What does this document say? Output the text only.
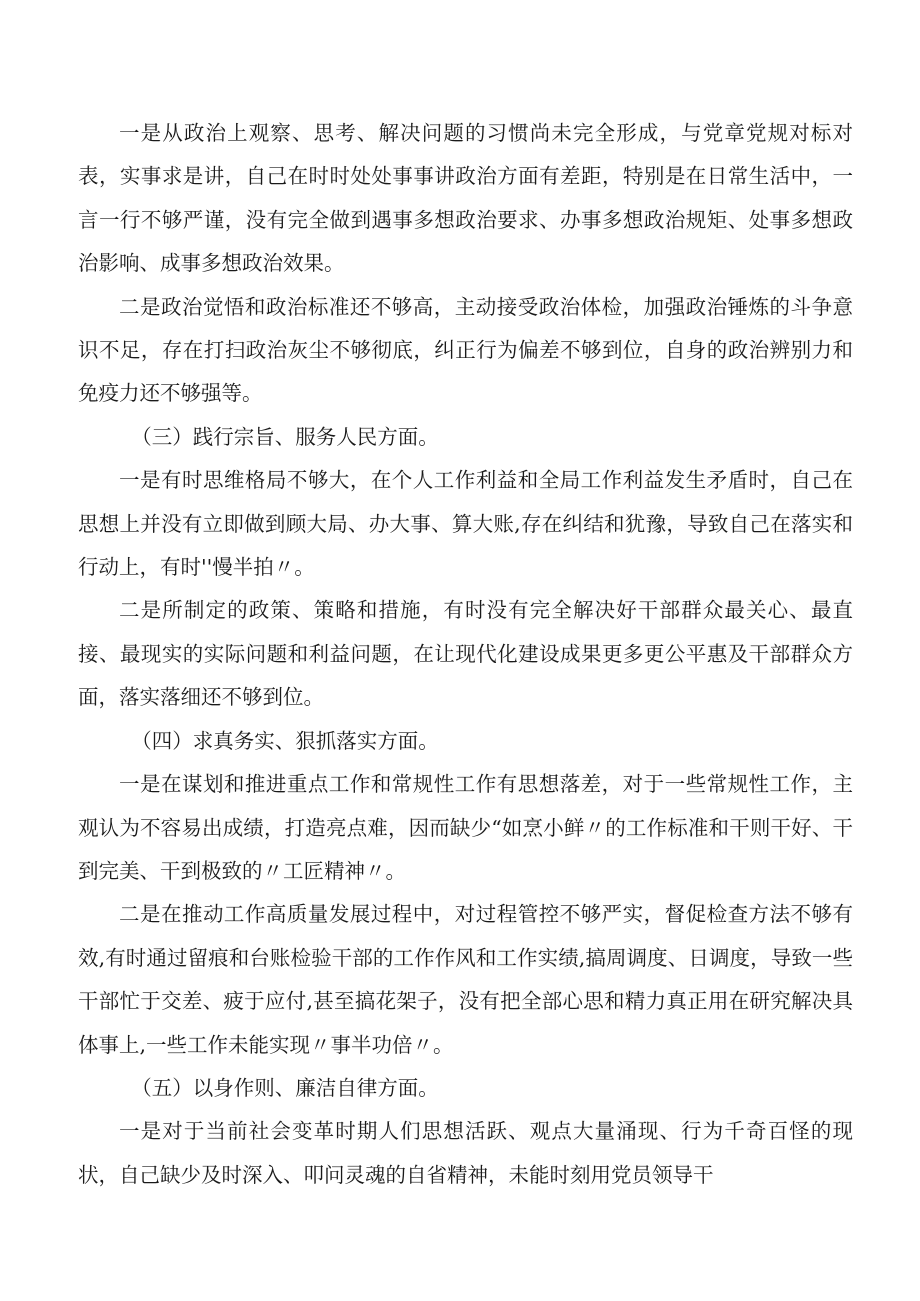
一是从政治上观察、思考、解决问题的习惯尚未完全形成，与党章党规对标对表，实事求是讲，自己在时时处处事事讲政治方面有差距，特别是在日常生活中，一言一行不够严谨，没有完全做到遇事多想政治要求、办事多想政治规矩、处事多想政治影响、成事多想政治效果。

二是政治觉悟和政治标准还不够高，主动接受政治体检，加强政治锤炼的斗争意识不足，存在打扫政治灰尘不够彻底，纠正行为偏差不够到位，自身的政治辨别力和免疫力还不够强等。

（三）践行宗旨、服务人民方面。

一是有时思维格局不够大，在个人工作利益和全局工作利益发生矛盾时，自己在思想上并没有立即做到顾大局、办大事、算大账,存在纠结和犹豫，导致自己在落实和行动上，有时''慢半拍〃。

二是所制定的政策、策略和措施，有时没有完全解决好干部群众最关心、最直接、最现实的实际问题和利益问题，在让现代化建设成果更多更公平惠及干部群众方面，落实落细还不够到位。

（四）求真务实、狠抓落实方面。

一是在谋划和推进重点工作和常规性工作有思想落差，对于一些常规性工作，主观认为不容易出成绩，打造亮点难，因而缺少“如烹小鲜〃的工作标准和干则干好、干到完美、干到极致的〃工匠精神〃。

二是在推动工作高质量发展过程中，对过程管控不够严实，督促检查方法不够有效,有时通过留痕和台账检验干部的工作作风和工作实绩,搞周调度、日调度，导致一些干部忙于交差、疲于应付,甚至搞花架子，没有把全部心思和精力真正用在研究解决具体事上,一些工作未能实现〃事半功倍〃。

（五）以身作则、廉洁自律方面。

一是对于当前社会变革时期人们思想活跃、观点大量涌现、行为千奇百怪的现状，自己缺少及时深入、叩问灵魂的自省精神，未能时刻用党员领导干
